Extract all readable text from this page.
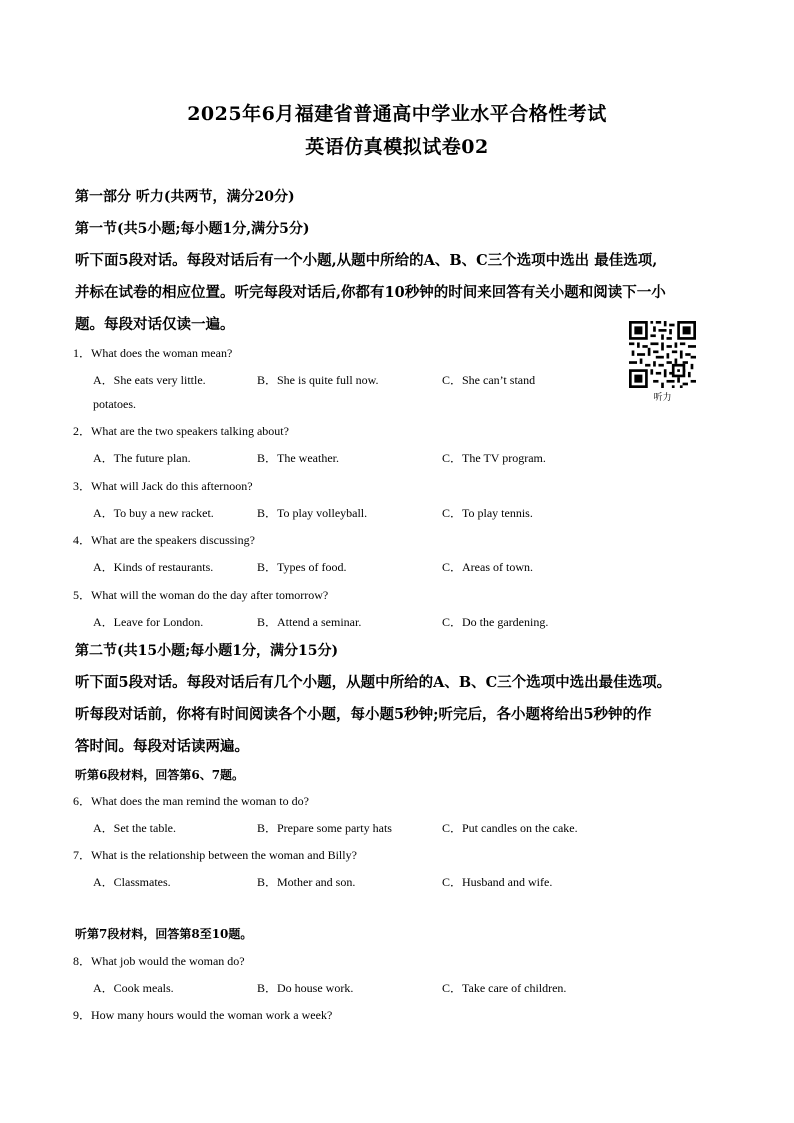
2025年6月福建省普通高中学业水平合格性考试
英语仿真模拟试卷02
第一部分 听力(共两节，满分20分)
第一节(共5小题;每小题1分,满分5分)
听下面5段对话。每段对话后有一个小题,从题中所给的A、B、C三个选项中选出 最佳选项,
并标在试卷的相应位置。听完每段对话后,你都有10秒钟的时间来回答有关小题和阅读下一小
题。每段对话仅读一遍。
听力
1．What does the woman mean?
A．She eats very little.	B．She is quite full now.	C．She can’t stand
potatoes.
2．What are the two speakers talking about?
A．The future plan.	B．The weather.	C．The TV program.
3．What will Jack do this afternoon?
A．To buy a new racket.	B．To play volleyball.	C．To play tennis.
4．What are the speakers discussing?
A．Kinds of restaurants.	B．Types of food.	C．Areas of town.
5．What will the woman do the day after tomorrow?
A．Leave for London.	B．Attend a seminar.	C．Do the gardening.
第二节(共15小题;每小题1分，满分15分)
听下面5段对话。每段对话后有几个小题，从题中所给的A、B、C三个选项中选出最佳选项。
听每段对话前，你将有时间阅读各个小题，每小题5秒钟;听完后，各小题将给出5秒钟的作
答时间。每段对话读两遍。
听第6段材料，回答第6、7题。
6．What does the man remind the woman to do?
A．Set the table.	B．Prepare some party hats	C．Put candles on the cake.
7．What is the relationship between the woman and Billy?
A．Classmates.	B．Mother and son.	C．Husband and wife.
听第7段材料，回答第8至10题。
8．What job would the woman do?
A．Cook meals.	B．Do house work.	C．Take care of children.
9．How many hours would the woman work a week?
